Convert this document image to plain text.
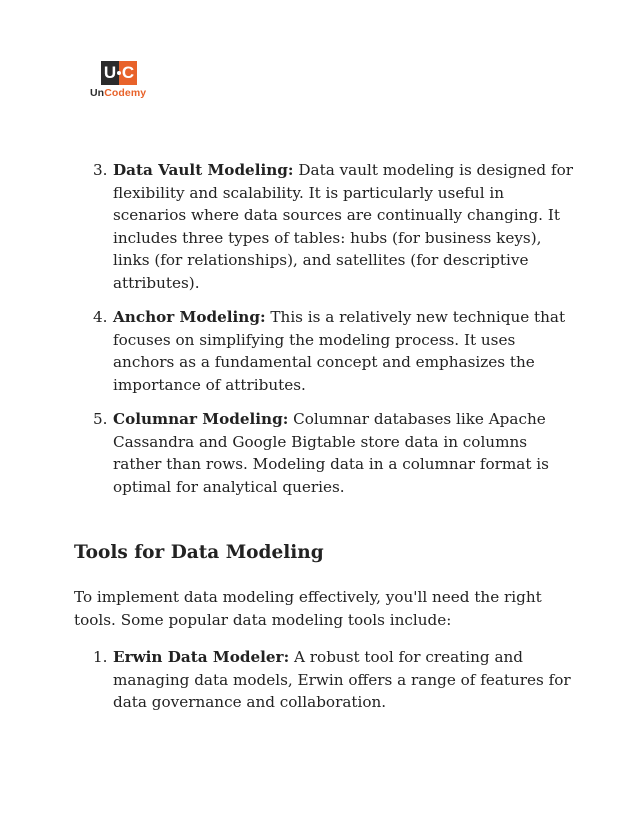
U C
UnCodemy
3. Data Vault Modeling: Data vault modeling is designed for flexibility and scalability. It is particularly useful in scenarios where data sources are continually changing. It includes three types of tables: hubs (for business keys), links (for relationships), and satellites (for descriptive attributes).
4. Anchor Modeling: This is a relatively new technique that focuses on simplifying the modeling process. It uses anchors as a fundamental concept and emphasizes the importance of attributes.
5. Columnar Modeling: Columnar databases like Apache Cassandra and Google Bigtable store data in columns rather than rows. Modeling data in a columnar format is optimal for analytical queries.
Tools for Data Modeling
To implement data modeling effectively, you'll need the right tools. Some popular data modeling tools include:
1. Erwin Data Modeler: A robust tool for creating and managing data models, Erwin offers a range of features for data governance and collaboration.
